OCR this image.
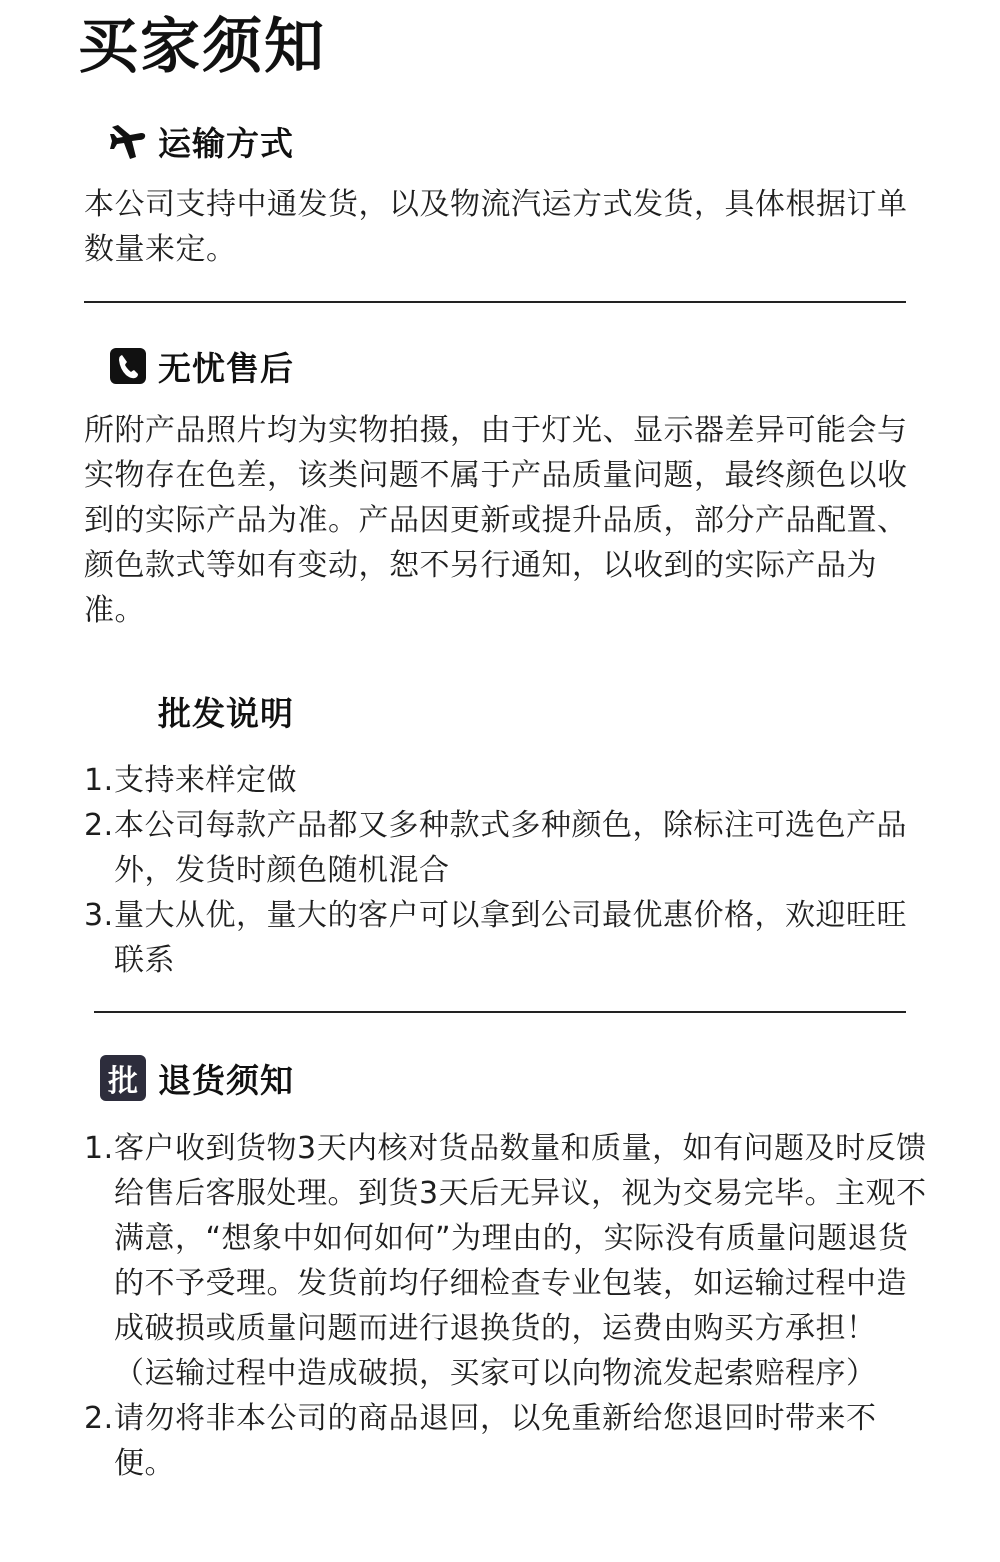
买家须知
运输方式

本公司支持中通发货，以及物流汽运方式发货，具体根据订单数量来定。

无忧售后

所附产品照片均为实物拍摄，由于灯光、显示器差异可能会与实物存在色差，该类问题不属于产品质量问题，最终颜色以收到的实际产品为准。产品因更新或提升品质，部分产品配置、颜色款式等如有变动，恕不另行通知，以收到的实际产品为准。

批发说明
1. 支持来样定做
2. 本公司每款产品都又多种款式多种颜色，除标注可选色产品外，发货时颜色随机混合
3. 量大从优，量大的客户可以拿到公司最优惠价格，欢迎旺旺联系
批 退货须知
1. 客户收到货物3天内核对货品数量和质量，如有问题及时反馈给售后客服处理。到货3天后无异议，视为交易完毕。主观不满意，“想象中如何如何”为理由的，实际没有质量问题退货的不予受理。发货前均仔细检查专业包装，如运输过程中造成破损或质量问题而进行退换货的，运费由购买方承担！（运输过程中造成破损，买家可以向物流发起索赔程序）
2. 请勿将非本公司的商品退回，以免重新给您退回时带来不便。
